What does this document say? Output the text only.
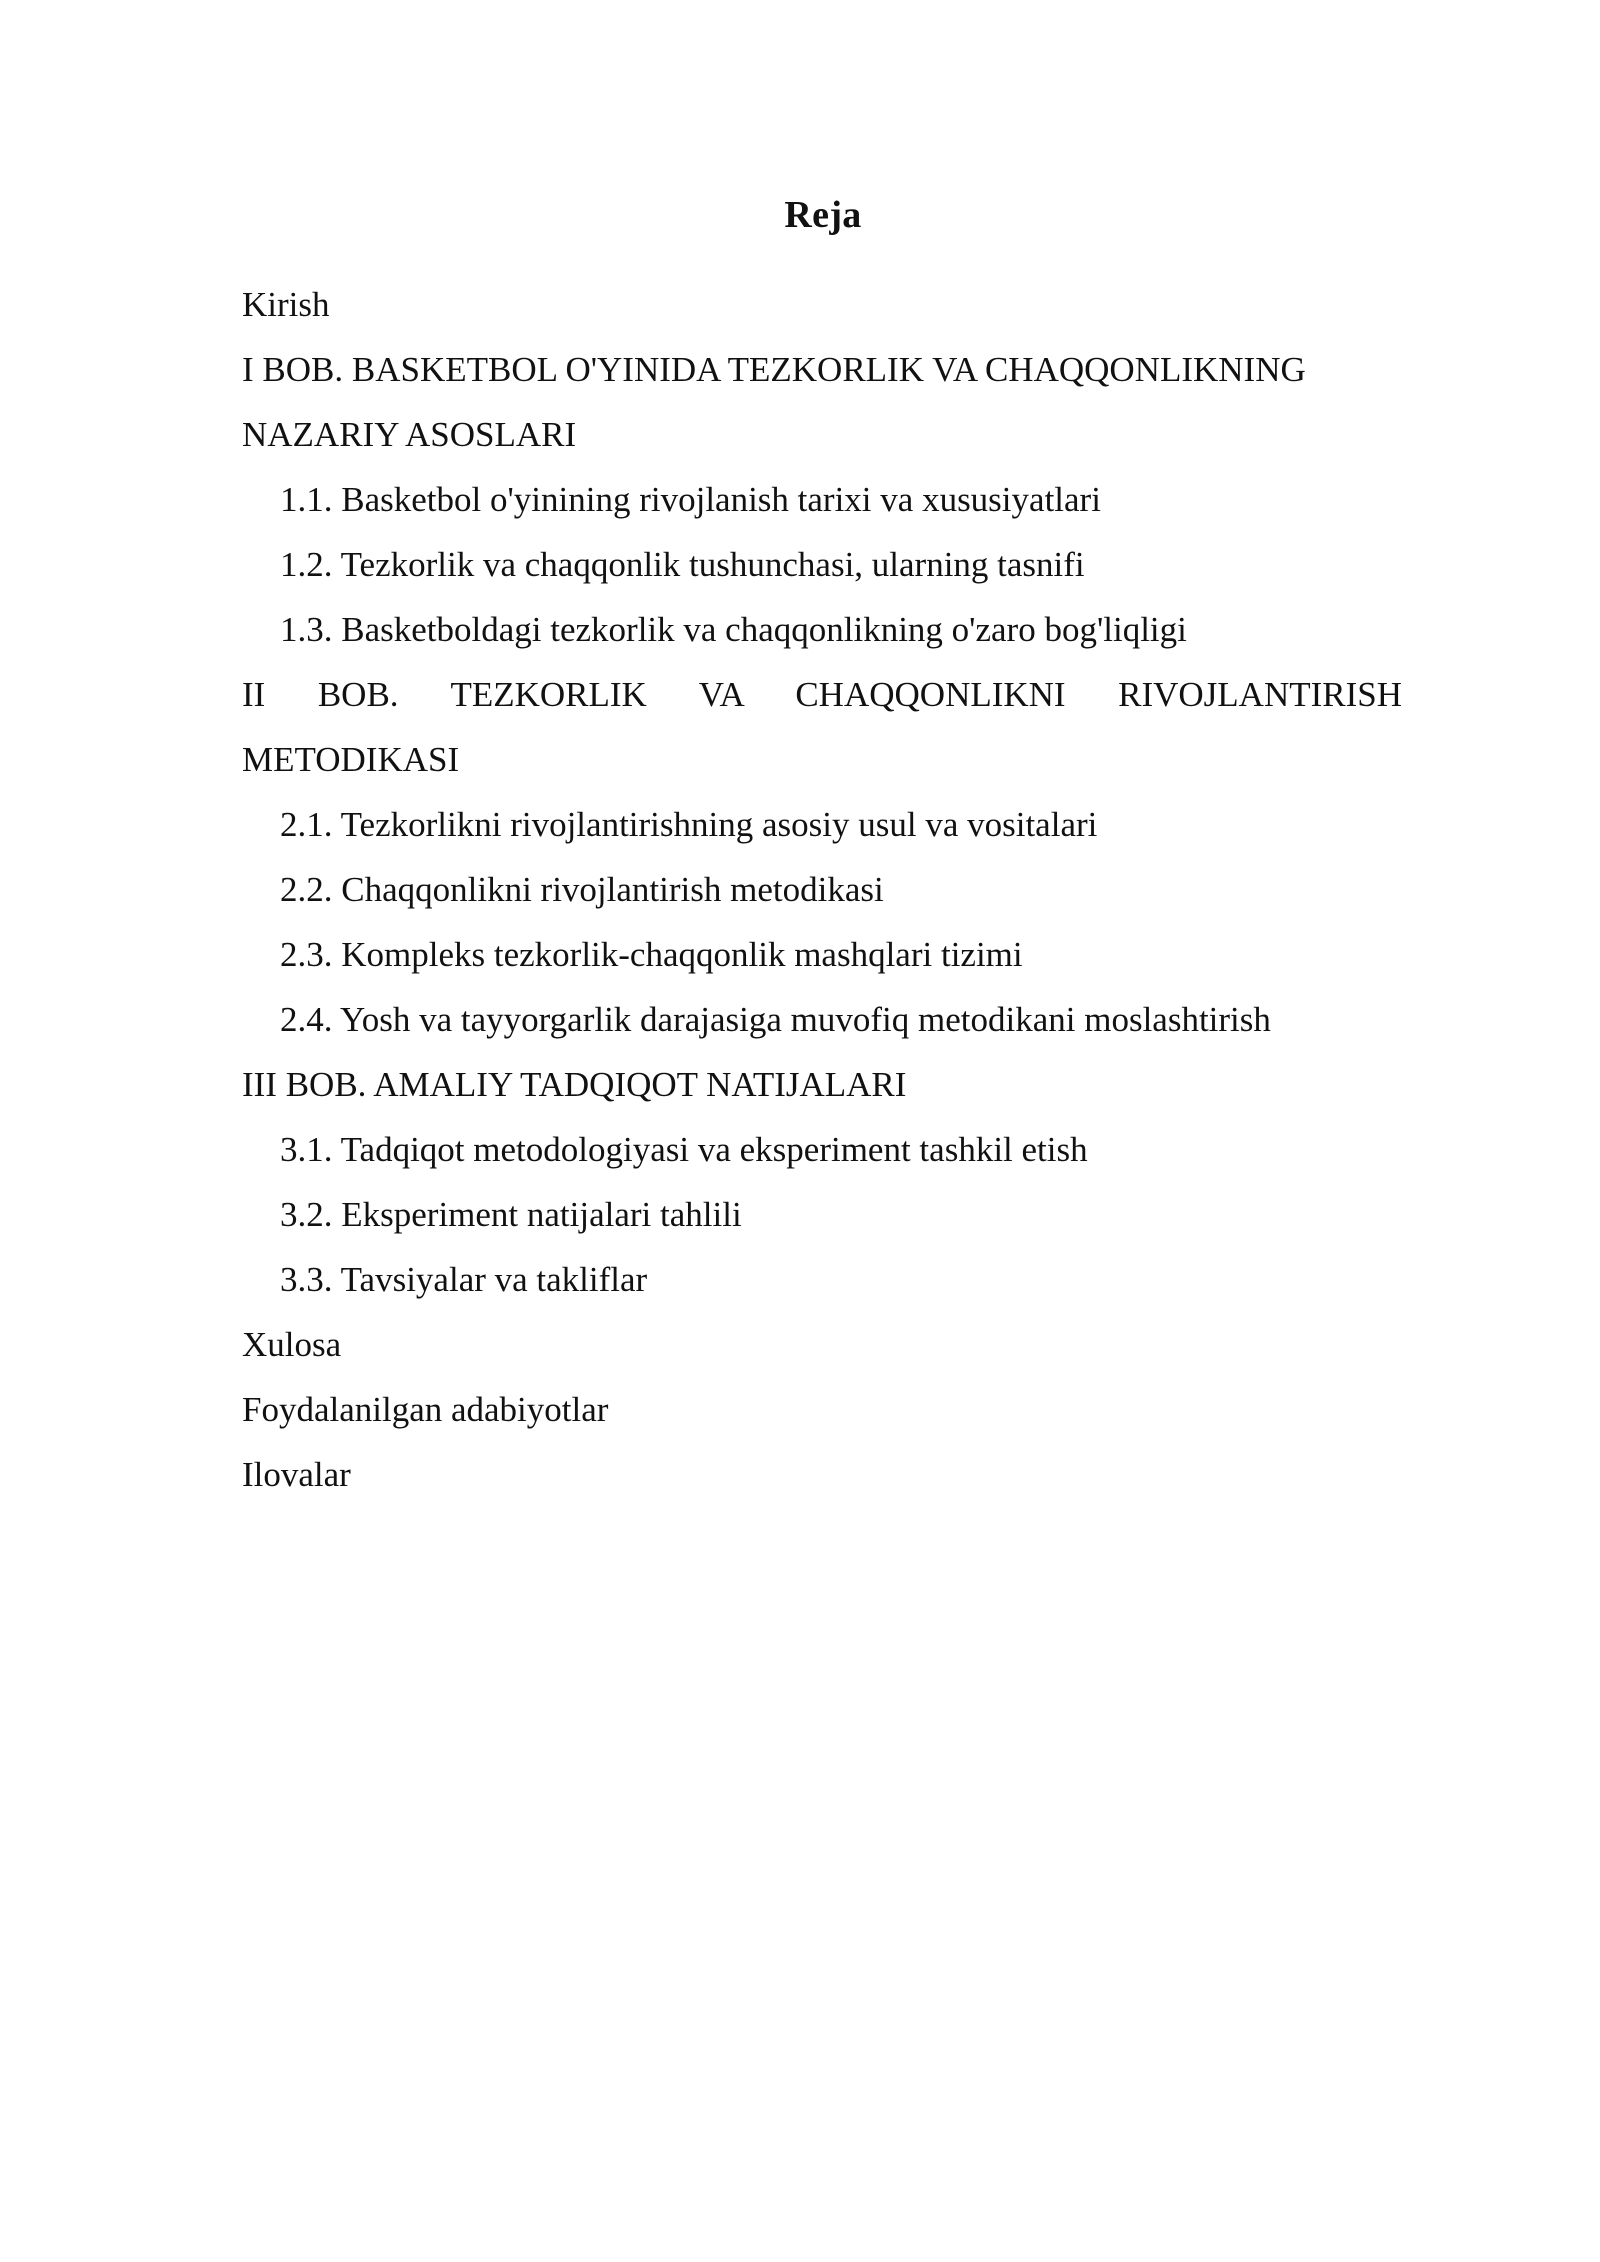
Reja
Kirish
I BOB. BASKETBOL O'YINIDA TEZKORLIK VA CHAQQONLIKNING
NAZARIY ASOSLARI
1.1. Basketbol o'yinining rivojlanish tarixi va xususiyatlari
1.2. Tezkorlik va chaqqonlik tushunchasi, ularning tasnifi
1.3. Basketboldagi tezkorlik va chaqqonlikning o'zaro bog'liqligi
II BOB. TEZKORLIK VA CHAQQONLIKNI RIVOJLANTIRISH
METODIKASI
2.1. Tezkorlikni rivojlantirishning asosiy usul va vositalari
2.2. Chaqqonlikni rivojlantirish metodikasi
2.3. Kompleks tezkorlik-chaqqonlik mashqlari tizimi
2.4. Yosh va tayyorgarlik darajasiga muvofiq metodikani moslashtirish
III BOB. AMALIY TADQIQOT NATIJALARI
3.1. Tadqiqot metodologiyasi va eksperiment tashkil etish
3.2. Eksperiment natijalari tahlili
3.3. Tavsiyalar va takliflar
Xulosa
Foydalanilgan adabiyotlar
Ilovalar
